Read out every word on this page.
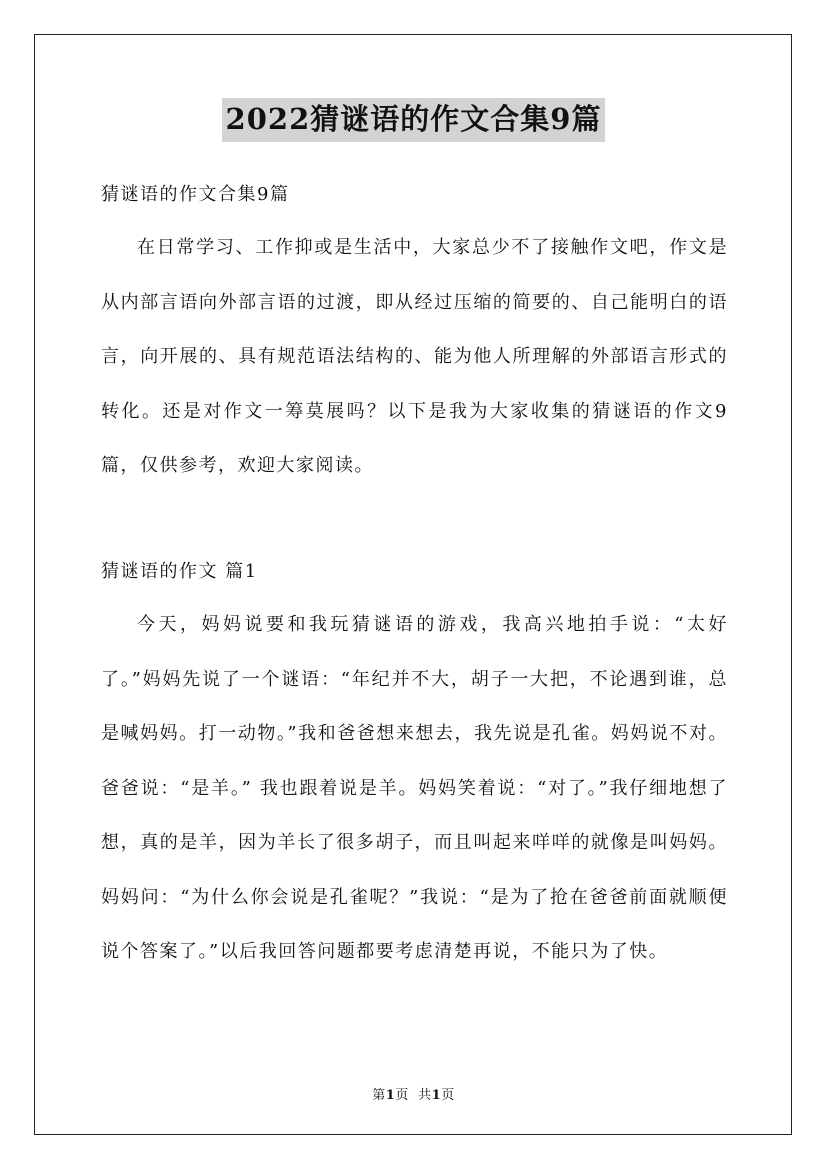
2022猜谜语的作文合集9篇
猜谜语的作文合集9篇

在日常学习、工作抑或是生活中，大家总少不了接触作文吧，作文是从内部言语向外部言语的过渡，即从经过压缩的简要的、自己能明白的语言，向开展的、具有规范语法结构的、能为他人所理解的外部语言形式的转化。还是对作文一筹莫展吗？以下是我为大家收集的猜谜语的作文9篇，仅供参考，欢迎大家阅读。

猜谜语的作文 篇1

今天，妈妈说要和我玩猜谜语的游戏，我高兴地拍手说：“太好了。”妈妈先说了一个谜语：“年纪并不大，胡子一大把，不论遇到谁，总是喊妈妈。打一动物。”我和爸爸想来想去，我先说是孔雀。妈妈说不对。爸爸说：“是羊。” 我也跟着说是羊。妈妈笑着说：“对了。”我仔细地想了想，真的是羊，因为羊长了很多胡子，而且叫起来咩咩的就像是叫妈妈。妈妈问：“为什么你会说是孔雀呢？”我说：“是为了抢在爸爸前面就顺便说个答案了。”以后我回答问题都要考虑清楚再说，不能只为了快。

第1页 共1页
